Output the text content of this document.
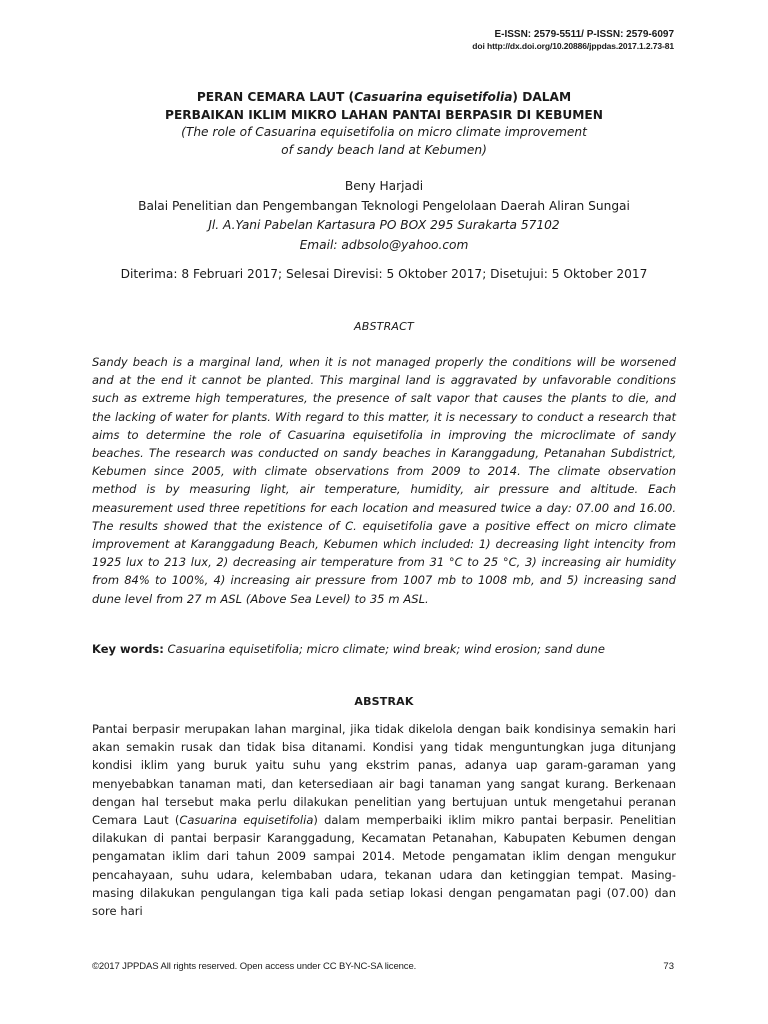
E-ISSN: 2579-5511/ P-ISSN: 2579-6097
doi http://dx.doi.org/10.20886/jppdas.2017.1.2.73-81
PERAN CEMARA LAUT (Casuarina equisetifolia) DALAM
PERBAIKAN IKLIM MIKRO LAHAN PANTAI BERPASIR DI KEBUMEN
(The role of Casuarina equisetifolia on micro climate improvement
of sandy beach land at Kebumen)
Beny Harjadi
Balai Penelitian dan Pengembangan Teknologi Pengelolaan Daerah Aliran Sungai
Jl. A.Yani Pabelan Kartasura PO BOX 295 Surakarta 57102
Email: adbsolo@yahoo.com
Diterima: 8 Februari 2017; Selesai Direvisi: 5 Oktober 2017; Disetujui: 5 Oktober 2017
ABSTRACT
Sandy beach is a marginal land, when it is not managed properly the conditions will be worsened and at the end it cannot be planted. This marginal land is aggravated by unfavorable conditions such as extreme high temperatures, the presence of salt vapor that causes the plants to die, and the lacking of water for plants. With regard to this matter, it is necessary to conduct a research that aims to determine the role of Casuarina equisetifolia in improving the microclimate of sandy beaches. The research was conducted on sandy beaches in Karanggadung, Petanahan Subdistrict, Kebumen since 2005, with climate observations from 2009 to 2014. The climate observation method is by measuring light, air temperature, humidity, air pressure and altitude. Each measurement used three repetitions for each location and measured twice a day: 07.00 and 16.00. The results showed that the existence of C. equisetifolia gave a positive effect on micro climate improvement at Karanggadung Beach, Kebumen which included: 1) decreasing light intencity from 1925 lux to 213 lux, 2) decreasing air temperature from 31 °C to 25 °C, 3) increasing air humidity from 84% to 100%, 4) increasing air pressure from 1007 mb to 1008 mb, and 5) increasing sand dune level from 27 m ASL (Above Sea Level) to 35 m ASL.
Key words: Casuarina equisetifolia; micro climate; wind break; wind erosion; sand dune
ABSTRAK
Pantai berpasir merupakan lahan marginal, jika tidak dikelola dengan baik kondisinya semakin hari akan semakin rusak dan tidak bisa ditanami. Kondisi yang tidak menguntungkan juga ditunjang kondisi iklim yang buruk yaitu suhu yang ekstrim panas, adanya uap garam-garaman yang menyebabkan tanaman mati, dan ketersediaan air bagi tanaman yang sangat kurang. Berkenaan dengan hal tersebut maka perlu dilakukan penelitian yang bertujuan untuk mengetahui peranan Cemara Laut (Casuarina equisetifolia) dalam memperbaiki iklim mikro pantai berpasir. Penelitian dilakukan di pantai berpasir Karanggadung, Kecamatan Petanahan, Kabupaten Kebumen dengan pengamatan iklim dari tahun 2009 sampai 2014. Metode pengamatan iklim dengan mengukur pencahayaan, suhu udara, kelembaban udara, tekanan udara dan ketinggian tempat. Masing-masing dilakukan pengulangan tiga kali pada setiap lokasi dengan pengamatan pagi (07.00) dan sore hari
©2017 JPPDAS All rights reserved. Open access under CC BY-NC-SA licence.	73
